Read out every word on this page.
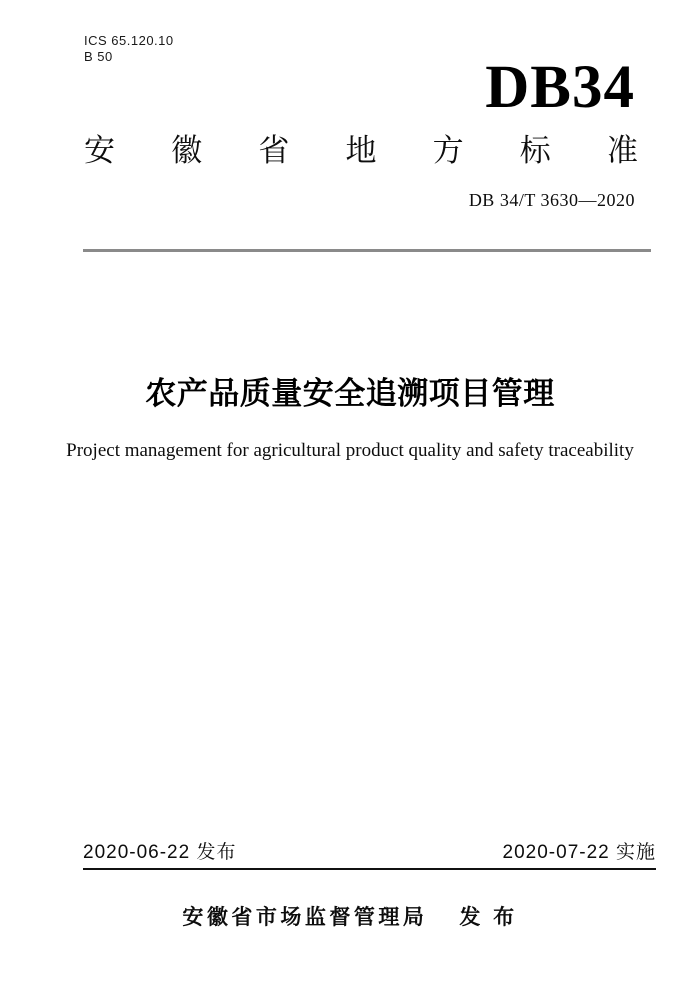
ICS 65.120.10
B 50	DB34
安 徽 省 地 方 标 准
DB 34/T 3630—2020
农产品质量安全追溯项目管理
Project management for agricultural product quality and safety traceability
2020-06-22 发布	2020-07-22 实施
安徽省市场监督管理局 发 布
